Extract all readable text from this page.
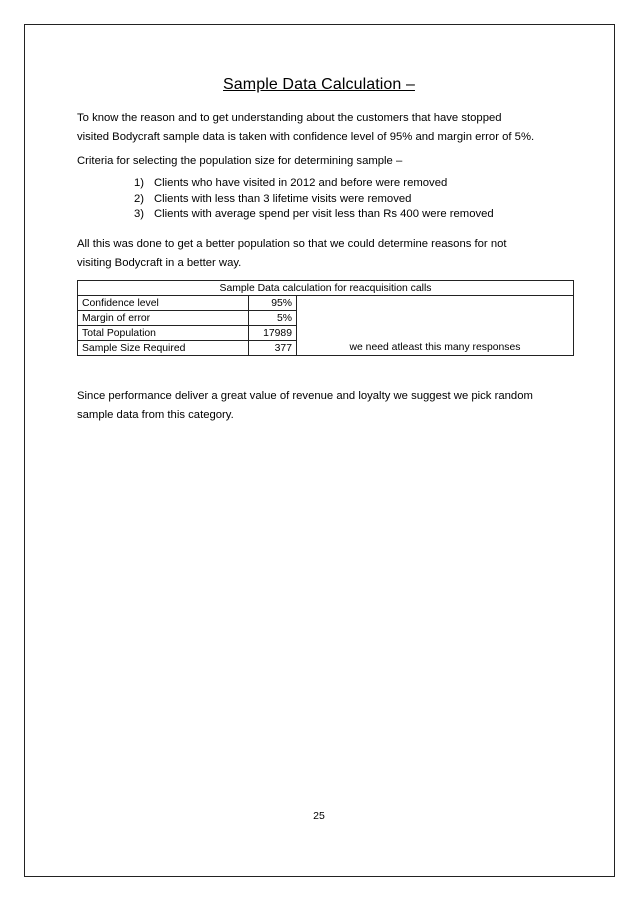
Sample Data Calculation –
To know the reason and to get understanding about the customers that have stopped
visited Bodycraft sample data is taken with confidence level of 95% and margin error of 5%.
Criteria for selecting the population size for determining sample –
1) Clients who have visited in 2012 and before were removed
2) Clients with less than 3 lifetime visits were removed
3) Clients with average spend per visit less than Rs 400 were removed
All this was done to get a better population so that we could determine reasons for not
visiting Bodycraft in a better way.
Sample Data calculation for reacquisition calls		
Confidence level	95%	
Margin of error	5%	
Total Population	17989	
Sample Size Required	377	we need atleast this many responses
Since performance deliver a great value of revenue and loyalty we suggest we pick random
sample data from this category.
25
